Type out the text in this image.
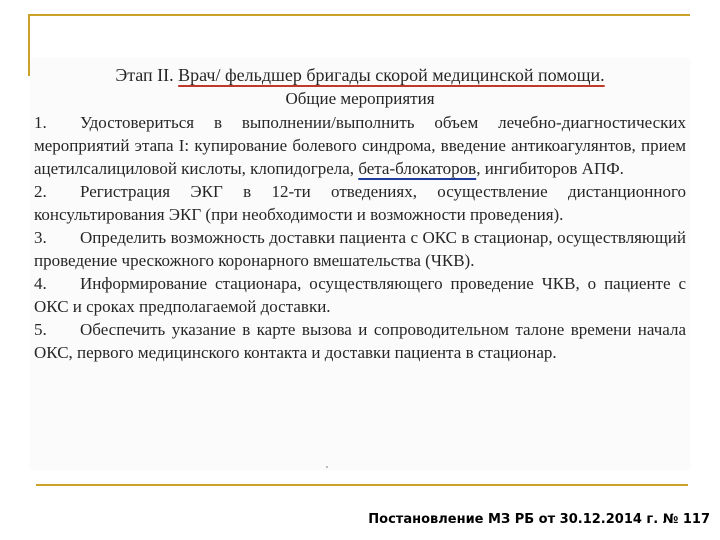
Этап II. Врач/ фельдшер бригады скорой медицинской помощи.
Общие мероприятия

1. Удостовериться в выполнении/выполнить объем лечебно-диагностических мероприятий этапа I: купирование болевого синдрома, введение антикоагулянтов, прием ацетилсалициловой кислоты, клопидогрела, бета-блокаторов, ингибиторов АПФ.

2. Регистрация ЭКГ в 12-ти отведениях, осуществление дистанционного консультирования ЭКГ (при необходимости и возможности проведения).

3. Определить возможность доставки пациента с ОКС в стационар, осуществляющий проведение чрескожного коронарного вмешательства (ЧКВ).

4. Информирование стационара, осуществляющего проведение ЧКВ, о пациенте с ОКС и сроках предполагаемой доставки.

5. Обеспечить указание в карте вызова и сопроводительном талоне времени начала ОКС, первого медицинского контакта и доставки пациента в стационар.

Постановление МЗ РБ от 30.12.2014 г. № 117
